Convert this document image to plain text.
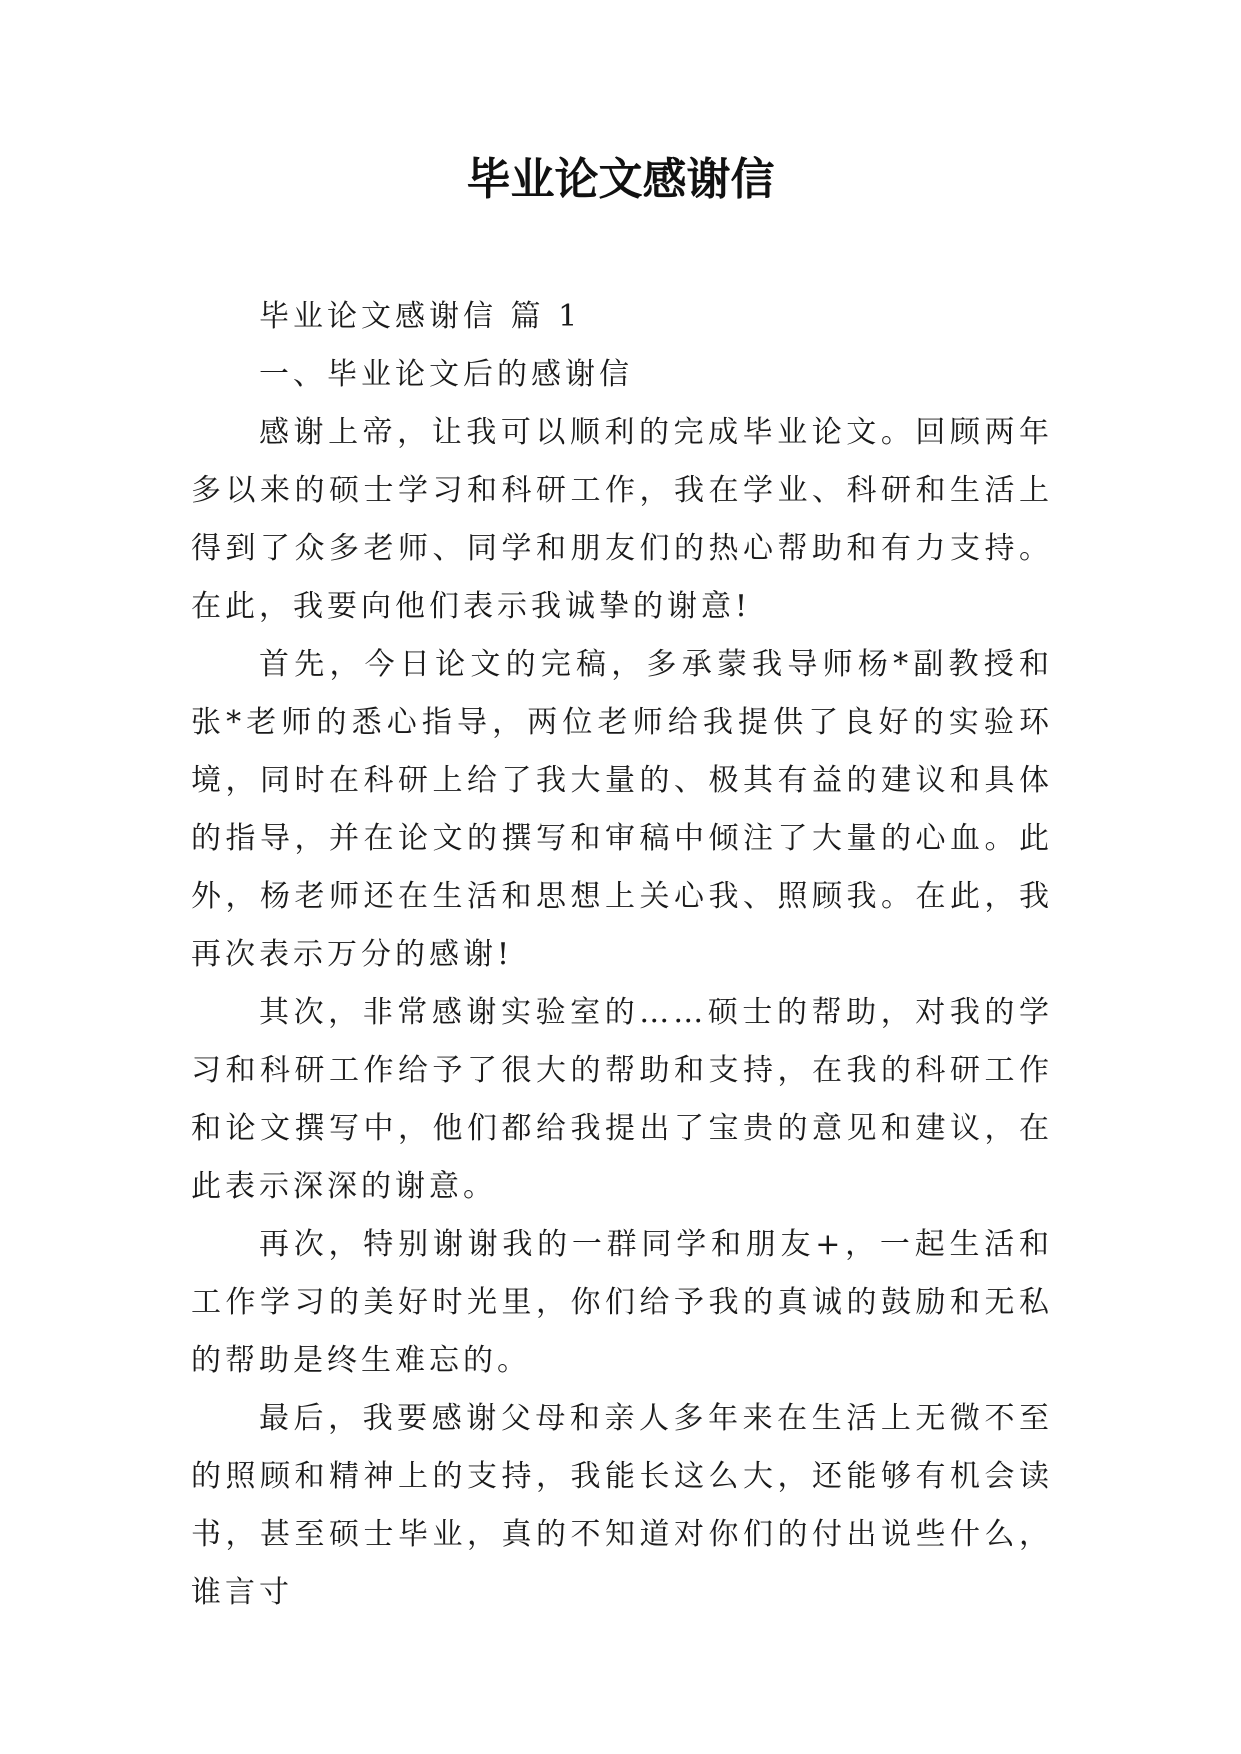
毕业论文感谢信

毕业论文感谢信 篇 1

一、毕业论文后的感谢信

感谢上帝，让我可以顺利的完成毕业论文。回顾两年多以来的硕士学习和科研工作，我在学业、科研和生活上得到了众多老师、同学和朋友们的热心帮助和有力支持。在此，我要向他们表示我诚挚的谢意!

首先，今日论文的完稿，多承蒙我导师杨*副教授和张*老师的悉心指导，两位老师给我提供了良好的实验环境，同时在科研上给了我大量的、极其有益的建议和具体的指导，并在论文的撰写和审稿中倾注了大量的心血。此外，杨老师还在生活和思想上关心我、照顾我。在此，我再次表示万分的感谢!

其次，非常感谢实验室的……硕士的帮助，对我的学习和科研工作给予了很大的帮助和支持，在我的科研工作和论文撰写中，他们都给我提出了宝贵的意见和建议，在此表示深深的谢意。

再次，特别谢谢我的一群同学和朋友+，一起生活和工作学习的美好时光里，你们给予我的真诚的鼓励和无私的帮助是终生难忘的。

最后，我要感谢父母和亲人多年来在生活上无微不至的照顾和精神上的支持，我能长这么大，还能够有机会读书，甚至硕士毕业，真的不知道对你们的付出说些什么，谁言寸
